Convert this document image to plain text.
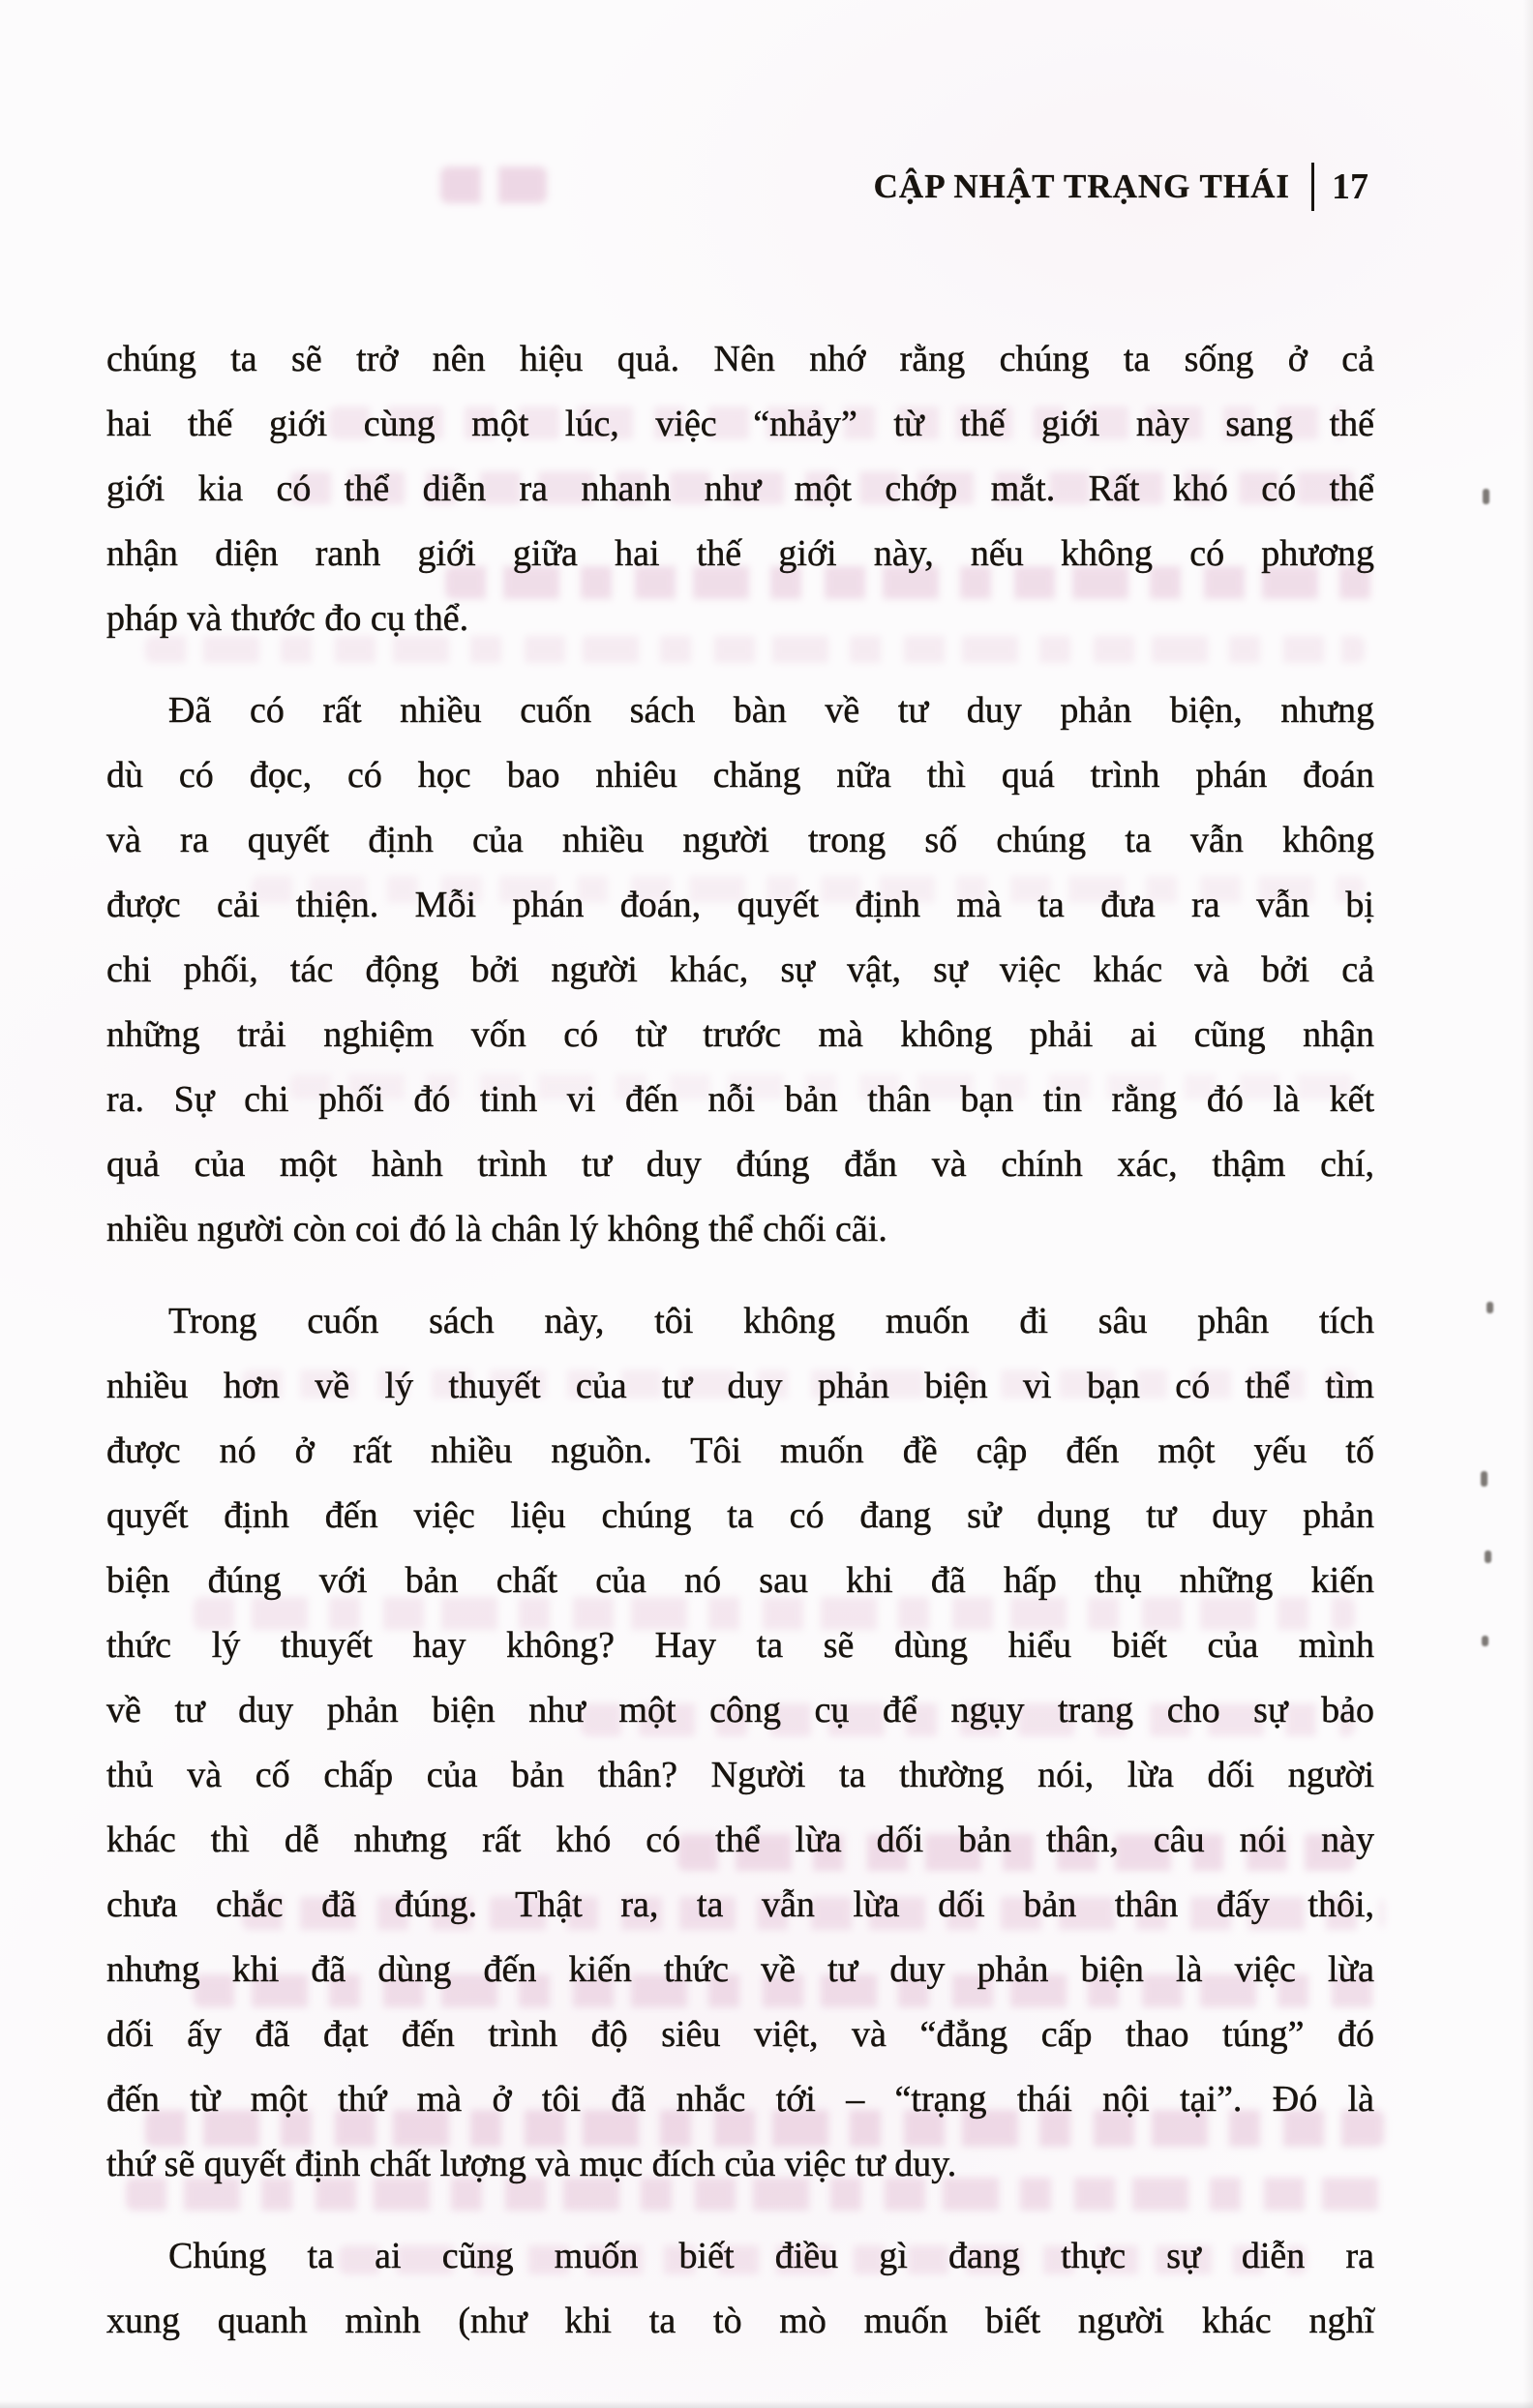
CẬP NHẬT TRẠNG THÁI 17
chúng ta sẽ trở nên hiệu quả. Nên nhớ rằng chúng ta sống ở cả
hai thế giới cùng một lúc, việc “nhảy” từ thế giới này sang thế
giới kia có thể diễn ra nhanh như một chớp mắt. Rất khó có thể
nhận diện ranh giới giữa hai thế giới này, nếu không có phương
pháp và thước đo cụ thể.
Đã có rất nhiều cuốn sách bàn về tư duy phản biện, nhưng
dù có đọc, có học bao nhiêu chăng nữa thì quá trình phán đoán
và ra quyết định của nhiều người trong số chúng ta vẫn không
được cải thiện. Mỗi phán đoán, quyết định mà ta đưa ra vẫn bị
chi phối, tác động bởi người khác, sự vật, sự việc khác và bởi cả
những trải nghiệm vốn có từ trước mà không phải ai cũng nhận
ra. Sự chi phối đó tinh vi đến nỗi bản thân bạn tin rằng đó là kết
quả của một hành trình tư duy đúng đắn và chính xác, thậm chí,
nhiều người còn coi đó là chân lý không thể chối cãi.
Trong cuốn sách này, tôi không muốn đi sâu phân tích
nhiều hơn về lý thuyết của tư duy phản biện vì bạn có thể tìm
được nó ở rất nhiều nguồn. Tôi muốn đề cập đến một yếu tố
quyết định đến việc liệu chúng ta có đang sử dụng tư duy phản
biện đúng với bản chất của nó sau khi đã hấp thụ những kiến
thức lý thuyết hay không? Hay ta sẽ dùng hiểu biết của mình
về tư duy phản biện như một công cụ để ngụy trang cho sự bảo
thủ và cố chấp của bản thân? Người ta thường nói, lừa dối người
khác thì dễ nhưng rất khó có thể lừa dối bản thân, câu nói này
chưa chắc đã đúng. Thật ra, ta vẫn lừa dối bản thân đấy thôi,
nhưng khi đã dùng đến kiến thức về tư duy phản biện là việc lừa
dối ấy đã đạt đến trình độ siêu việt, và “đẳng cấp thao túng” đó
đến từ một thứ mà ở tôi đã nhắc tới – “trạng thái nội tại”. Đó là
thứ sẽ quyết định chất lượng và mục đích của việc tư duy.
Chúng ta ai cũng muốn biết điều gì đang thực sự diễn ra
xung quanh mình (như khi ta tò mò muốn biết người khác nghĩ
